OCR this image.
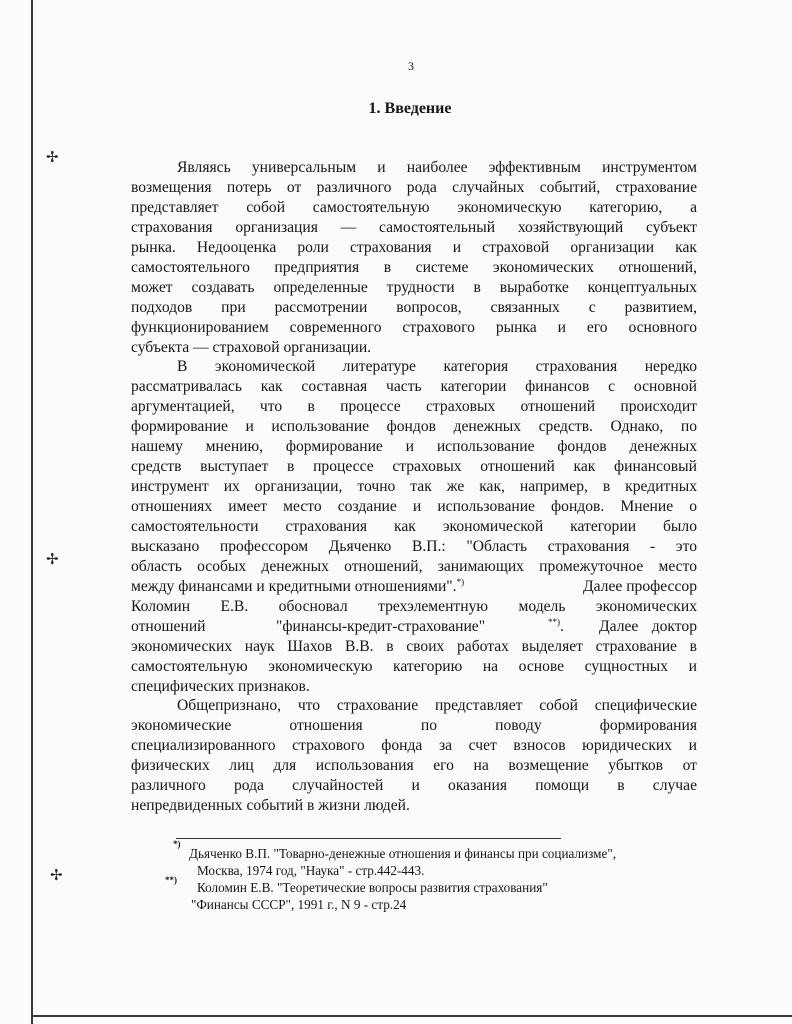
✢
✢
✢
3
1. Введение
Являясь универсальным и наиболее эффективным инструментом
возмещения потерь от различного рода случайных событий, страхование
представляет собой самостоятельную экономическую категорию, а
страхования организация — самостоятельный хозяйствующий субъект
рынка. Недооценка роли страхования и страховой организации как
самостоятельного предприятия в системе экономических отношений,
может создавать определенные трудности в выработке концептуальных
подходов при рассмотрении вопросов, связанных с развитием,
функционированием современного страхового рынка и его основного
субъекта — страховой организации.
В экономической литературе категория страхования нередко
рассматривалась как составная часть категории финансов с основной
аргументацией, что в процессе страховых отношений происходит
формирование и использование фондов денежных средств. Однако, по
нашему мнению, формирование и использование фондов денежных
средств выступает в процессе страховых отношений как финансовый
инструмент их организации, точно так же как, например, в кредитных
отношениях имеет место создание и использование фондов. Мнение о
самостоятельности страхования как экономической категории было
высказано профессором Дьяченко В.П.: "Область страхования - это
область особых денежных отношений, занимающих промежуточное место
между финансами и кредитными отношениями".*)	Далее профессор
Коломин Е.В. обосновал трехэлементную модель экономических
отношений	"финансы-кредит-страхование"	**).	Далее доктор
экономических наук Шахов В.В. в своих работах выделяет страхование в
самостоятельную экономическую категорию на основе сущностных и
специфических признаков.
Общепризнано, что страхование представляет собой специфические
экономические отношения по поводу формирования
специализированного страхового фонда за счет взносов юридических и
физических лиц для использования его на возмещение убытков от
различного рода случайностей и оказания помощи в случае
непредвиденных событий в жизни людей.
*)
Дьяченко В.П. "Товарно-денежные отношения и финансы при социализме",
Москва, 1974 год, "Наука" - стр.442-443.
**) Коломин Е.В. "Теоретические вопросы развития страхования"
"Финансы СССР", 1991 г., N 9 - стр.24
